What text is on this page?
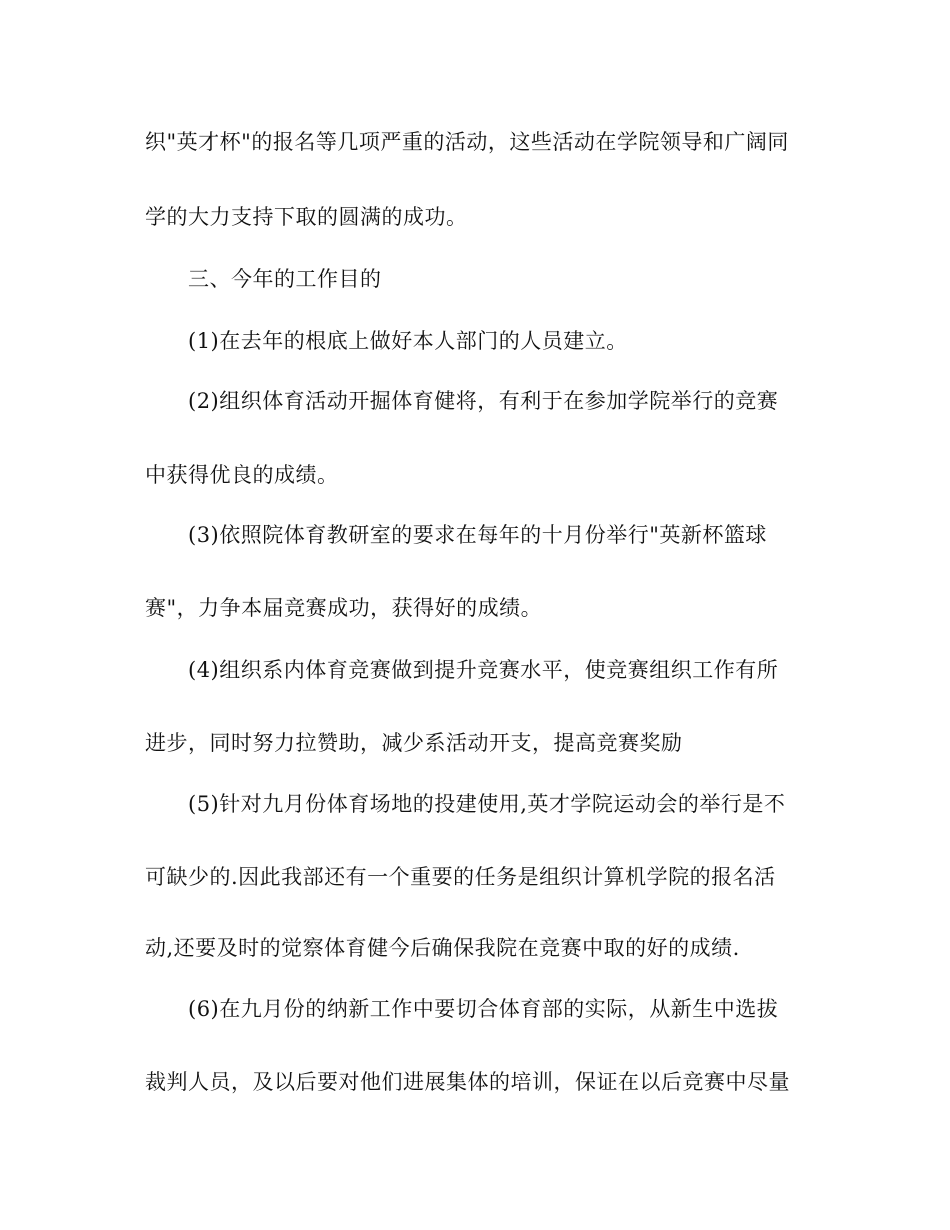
织"英才杯"的报名等几项严重的活动，这些活动在学院领导和广阔同
学的大力支持下取的圆满的成功。
三、今年的工作目的
(1)在去年的根底上做好本人部门的人员建立。
(2)组织体育活动开掘体育健将，有利于在参加学院举行的竞赛
中获得优良的成绩。
(3)依照院体育教研室的要求在每年的十月份举行"英新杯篮球
赛"，力争本届竞赛成功，获得好的成绩。
(4)组织系内体育竞赛做到提升竞赛水平，使竞赛组织工作有所
进步，同时努力拉赞助，减少系活动开支，提高竞赛奖励
(5)针对九月份体育场地的投建使用,英才学院运动会的举行是不
可缺少的.因此我部还有一个重要的任务是组织计算机学院的报名活
动,还要及时的觉察体育健今后确保我院在竞赛中取的好的成绩.
(6)在九月份的纳新工作中要切合体育部的实际，从新生中选拔
裁判人员，及以后要对他们进展集体的培训，保证在以后竞赛中尽量
